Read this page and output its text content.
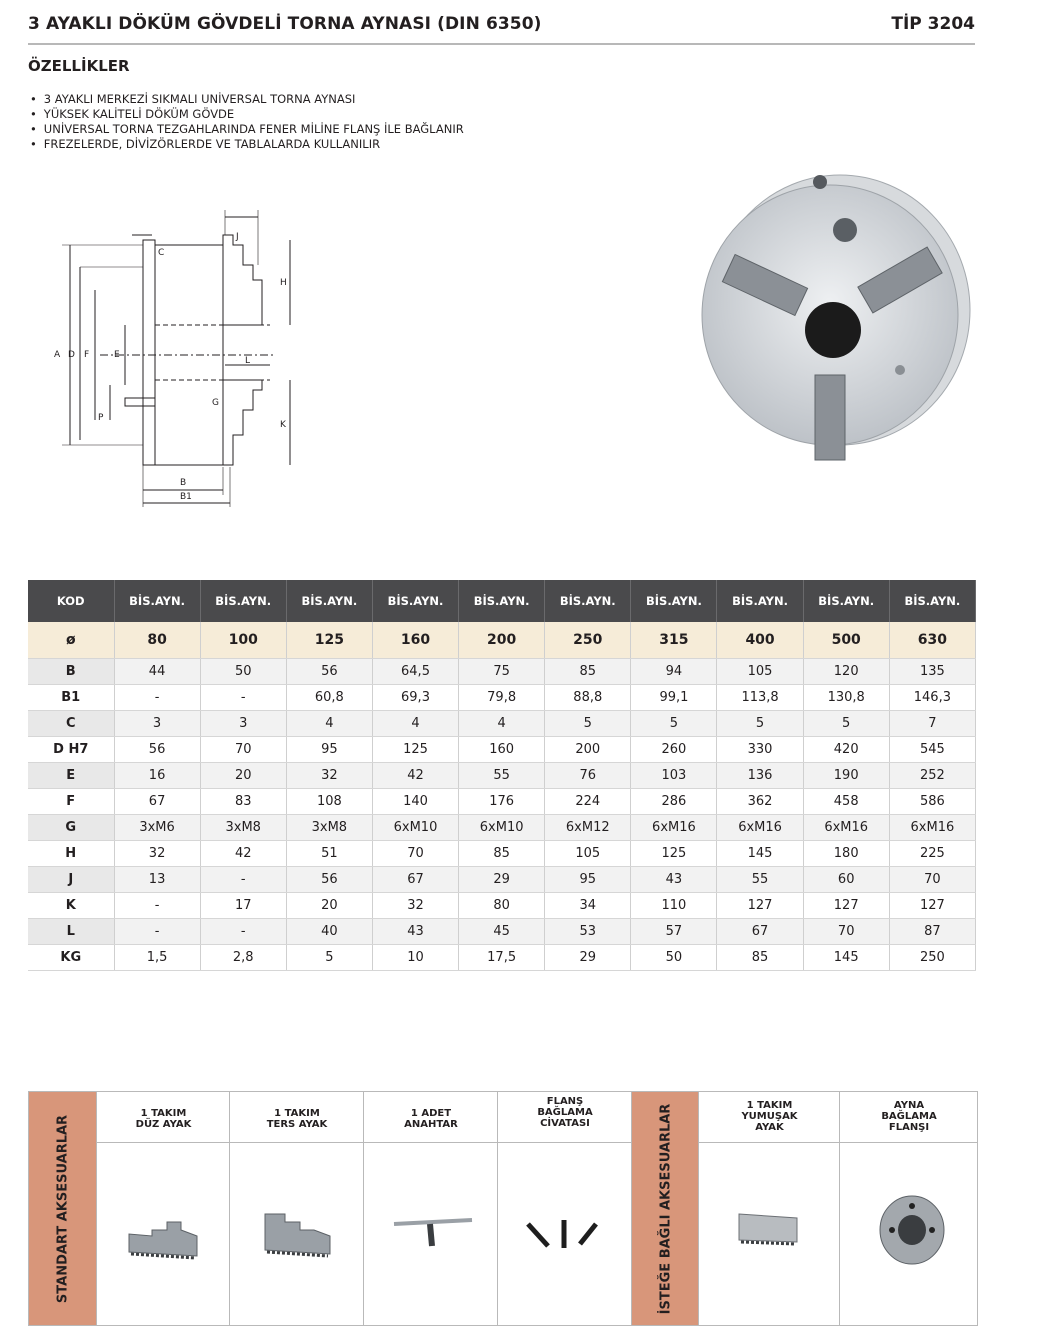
3 AYAKLI DÖKÜM GÖVDELİ TORNA AYNASI (DIN 6350)	TİP 3204
ÖZELLİKLER
• 3 AYAKLI MERKEZİ SIKMALI UNİVERSAL TORNA AYNASI
• YÜKSEK KALİTELİ DÖKÜM GÖVDE
• UNİVERSAL TORNA TEZGAHLARINDA FENER MİLİNE FLANŞ İLE BAĞLANIR
• FREZELERDE, DİVİZÖRLERDE VE TABLALARDA KULLANILIR
C
J
H
A D F	E
L
P
G
K
B
B1
KOD	BİS.AYN.	BİS.AYN.	BİS.AYN.	BİS.AYN.	BİS.AYN.	BİS.AYN.	BİS.AYN.	BİS.AYN.	BİS.AYN.	BİS.AYN.
ø	80	100	125	160	200	250	315	400	500	630
B	44	50	56	64,5	75	85	94	105	120	135
B1	-	-	60,8	69,3	79,8	88,8	99,1	113,8	130,8	146,3
C	3	3	4	4	4	5	5	5	5	7
D H7	56	70	95	125	160	200	260	330	420	545
E	16	20	32	42	55	76	103	136	190	252
F	67	83	108	140	176	224	286	362	458	586
G	3xM6	3xM8	3xM8	6xM10	6xM10	6xM12	6xM16	6xM16	6xM16	6xM16
H	32	42	51	70	85	105	125	145	180	225
J	13	-	56	67	29	95	43	55	60	70
K	-	17	20	32	80	34	110	127	127	127
L	-	-	40	43	45	53	57	67	70	87
KG	1,5	2,8	5	10	17,5	29	50	85	145	250
STANDART AKSESUARLAR
1 TAKIM
DÜZ AYAK
1 TAKIM
TERS AYAK
1 ADET
ANAHTAR
FLANŞ
BAĞLAMA
CİVATASI	İSTEĞE BAĞLI AKSESUARLAR	1 TAKIM
YUMUŞAK
AYAK
AYNA
BAĞLAMA
FLANŞI
